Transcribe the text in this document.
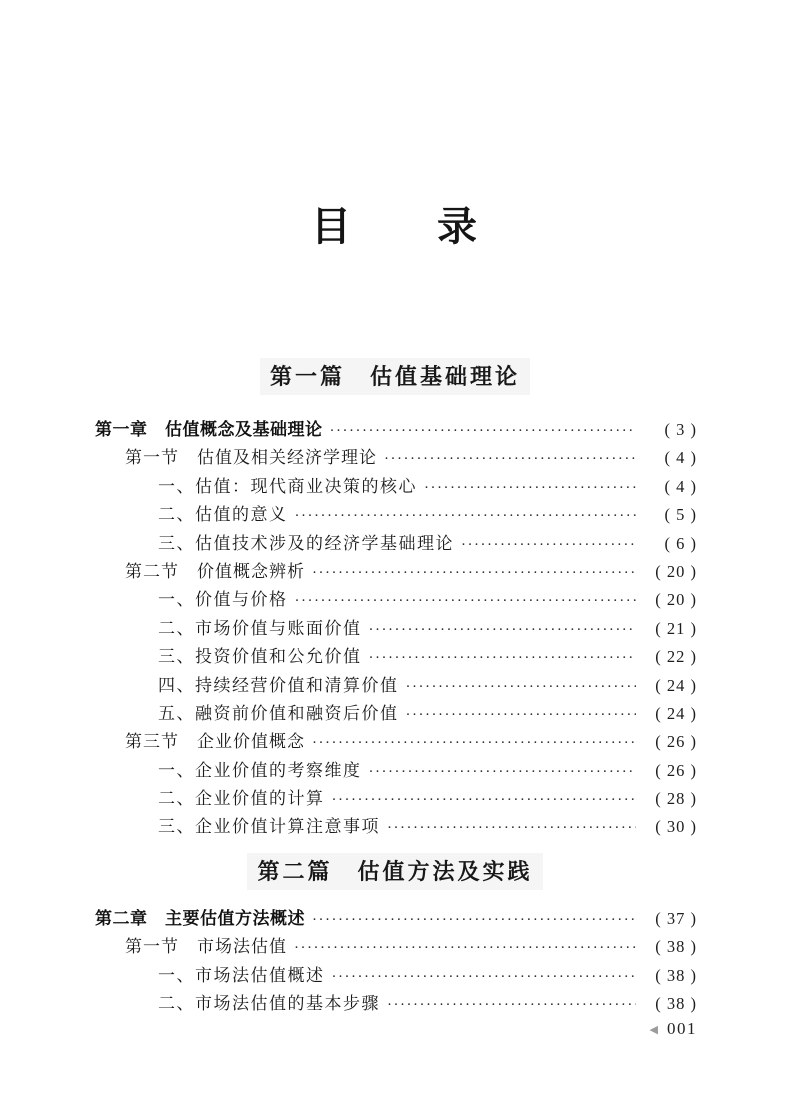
目　　录
第一篇　估值基础理论
第一章　估值概念及基础理论 ·····	( 3 )
第一节　估值及相关经济学理论 ·····	( 4 )
一、估值：现代商业决策的核心 ·····	( 4 )
二、估值的意义 ·····	( 5 )
三、估值技术涉及的经济学基础理论 ·····	( 6 )
第二节　价值概念辨析 ·····	( 20 )
一、价值与价格 ·····	( 20 )
二、市场价值与账面价值 ·····	( 21 )
三、投资价值和公允价值 ·····	( 22 )
四、持续经营价值和清算价值 ·····	( 24 )
五、融资前价值和融资后价值 ·····	( 24 )
第三节　企业价值概念 ·····	( 26 )
一、企业价值的考察维度 ·····	( 26 )
二、企业价值的计算 ·····	( 28 )
三、企业价值计算注意事项 ·····	( 30 )
第二篇　估值方法及实践
第二章　主要估值方法概述 ·····	( 37 )
第一节　市场法估值 ·····	( 38 )
一、市场法估值概述 ·····	( 38 )
二、市场法估值的基本步骤 ·····	( 38 )
◀ 001
